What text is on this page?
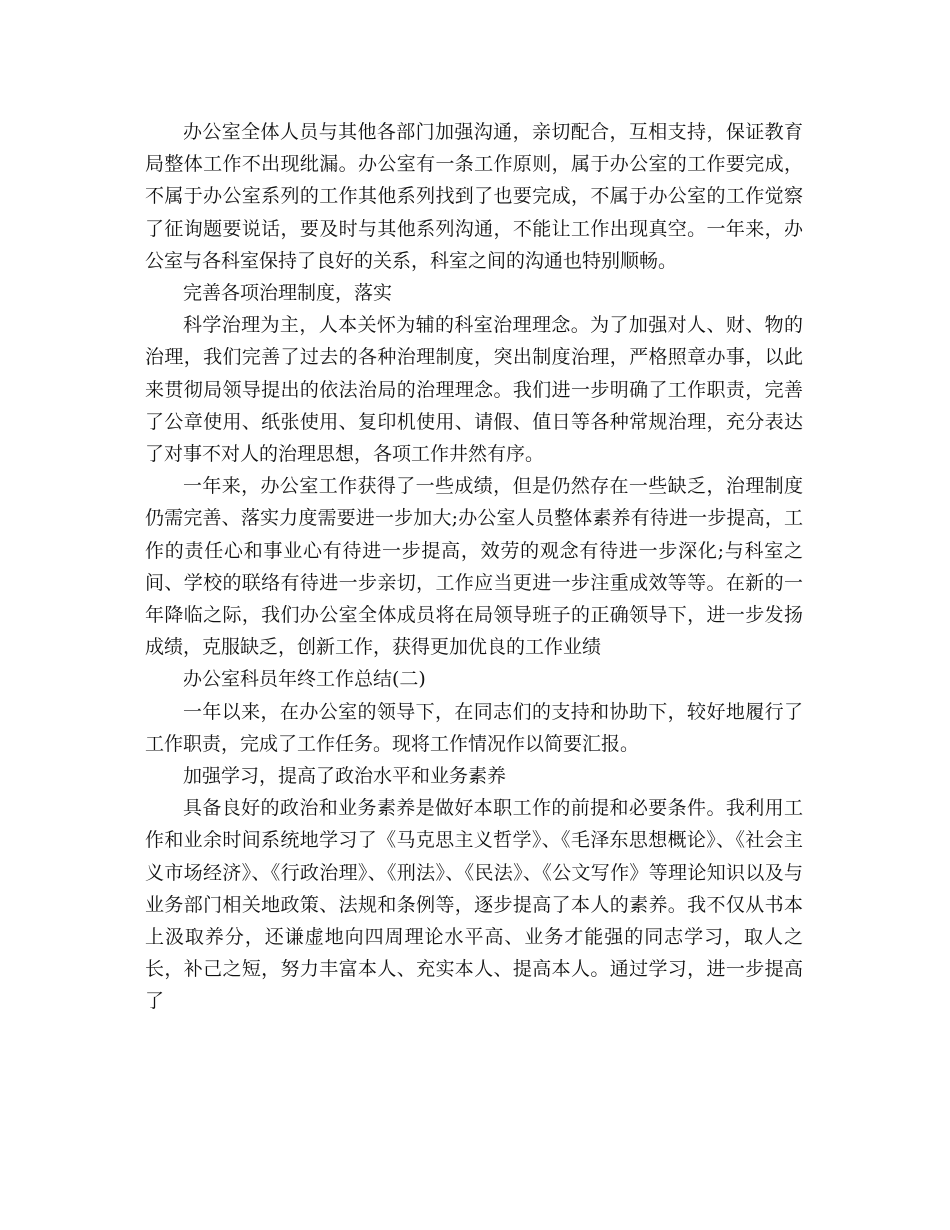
办公室全体人员与其他各部门加强沟通，亲切配合，互相支持，保证教育局整体工作不出现纰漏。办公室有一条工作原则，属于办公室的工作要完成，不属于办公室系列的工作其他系列找到了也要完成，不属于办公室的工作觉察了征询题要说话，要及时与其他系列沟通，不能让工作出现真空。一年来，办公室与各科室保持了良好的关系，科室之间的沟通也特别顺畅。

完善各项治理制度，落实

科学治理为主，人本关怀为辅的科室治理理念。为了加强对人、财、物的治理，我们完善了过去的各种治理制度，突出制度治理，严格照章办事，以此来贯彻局领导提出的依法治局的治理理念。我们进一步明确了工作职责，完善了公章使用、纸张使用、复印机使用、请假、值日等各种常规治理，充分表达了对事不对人的治理思想，各项工作井然有序。

一年来，办公室工作获得了一些成绩，但是仍然存在一些缺乏，治理制度仍需完善、落实力度需要进一步加大;办公室人员整体素养有待进一步提高，工作的责任心和事业心有待进一步提高，效劳的观念有待进一步深化;与科室之间、学校的联络有待进一步亲切，工作应当更进一步注重成效等等。在新的一年降临之际，我们办公室全体成员将在局领导班子的正确领导下，进一步发扬成绩，克服缺乏，创新工作，获得更加优良的工作业绩

办公室科员年终工作总结(二)

一年以来，在办公室的领导下，在同志们的支持和协助下，较好地履行了工作职责，完成了工作任务。现将工作情况作以简要汇报。

加强学习，提高了政治水平和业务素养

具备良好的政治和业务素养是做好本职工作的前提和必要条件。我利用工作和业余时间系统地学习了《马克思主义哲学》、《毛泽东思想概论》、《社会主义市场经济》、《行政治理》、《刑法》、《民法》、《公文写作》等理论知识以及与业务部门相关地政策、法规和条例等，逐步提高了本人的素养。我不仅从书本上汲取养分，还谦虚地向四周理论水平高、业务才能强的同志学习，取人之长，补己之短，努力丰富本人、充实本人、提高本人。通过学习，进一步提高了
